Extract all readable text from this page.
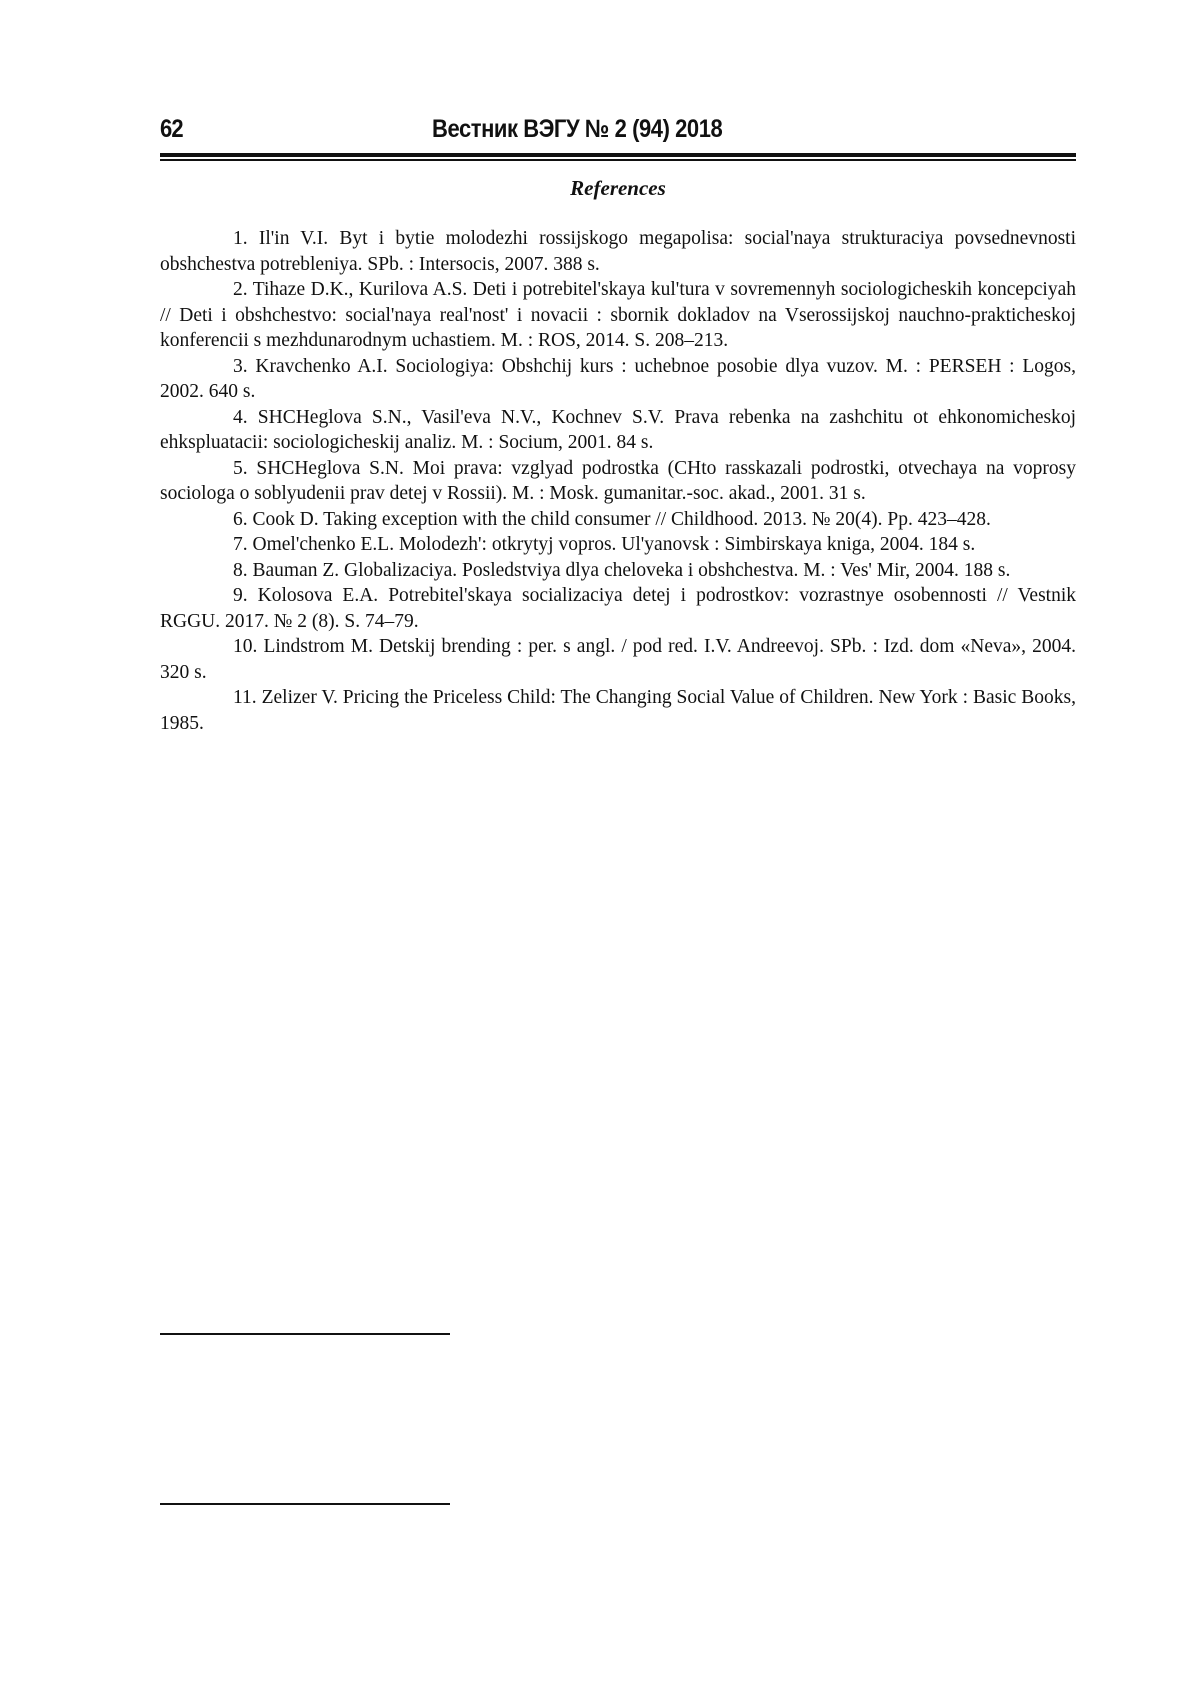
62	Вестник ВЭГУ № 2 (94) 2018
References
1. Il'in V.I. Byt i bytie molodezhi rossijskogo megapolisa: social'naya strukturaciya povsednevnosti obshchestva potrebleniya. SPb. : Intersocis, 2007. 388 s.
2. Tihaze D.K., Kurilova A.S. Deti i potrebitel'skaya kul'tura v sovremennyh sociologicheskih koncepciyah // Deti i obshchestvo: social'naya real'nost' i novacii : sbornik dokladov na Vserossijskoj nauchno-prakticheskoj konferencii s mezhdunarodnym uchastiem. M. : ROS, 2014. S. 208–213.
3. Kravchenko A.I. Sociologiya: Obshchij kurs : uchebnoe posobie dlya vuzov. M. : PERSEH : Logos, 2002. 640 s.
4. SHCHeglova S.N., Vasil'eva N.V., Kochnev S.V. Prava rebenka na zashchitu ot ehkonomicheskoj ehkspluatacii: sociologicheskij analiz. M. : Socium, 2001. 84 s.
5. SHCHeglova S.N. Moi prava: vzglyad podrostka (CHto rasskazali podrostki, otvechaya na voprosy sociologa o soblyudenii prav detej v Rossii). M. : Mosk. gumanitar.-soc. akad., 2001. 31 s.
6. Cook D. Taking exception with the child consumer // Childhood. 2013. № 20(4). Pp. 423–428.
7. Omel'chenko E.L. Molodezh': otkrytyj vopros. Ul'yanovsk : Simbirskaya kniga, 2004. 184 s.
8. Bauman Z. Globalizaciya. Posledstviya dlya cheloveka i obshchestva. M. : Ves' Mir, 2004. 188 s.
9. Kolosova E.A. Potrebitel'skaya socializaciya detej i podrostkov: vozrastnye osobennosti // Vestnik RGGU. 2017. № 2 (8). S. 74–79.
10. Lindstrom M. Detskij brending : per. s angl. / pod red. I.V. Andreevoj. SPb. : Izd. dom «Neva», 2004. 320 s.
11. Zelizer V. Pricing the Priceless Child: The Changing Social Value of Children. New York : Basic Books, 1985.
